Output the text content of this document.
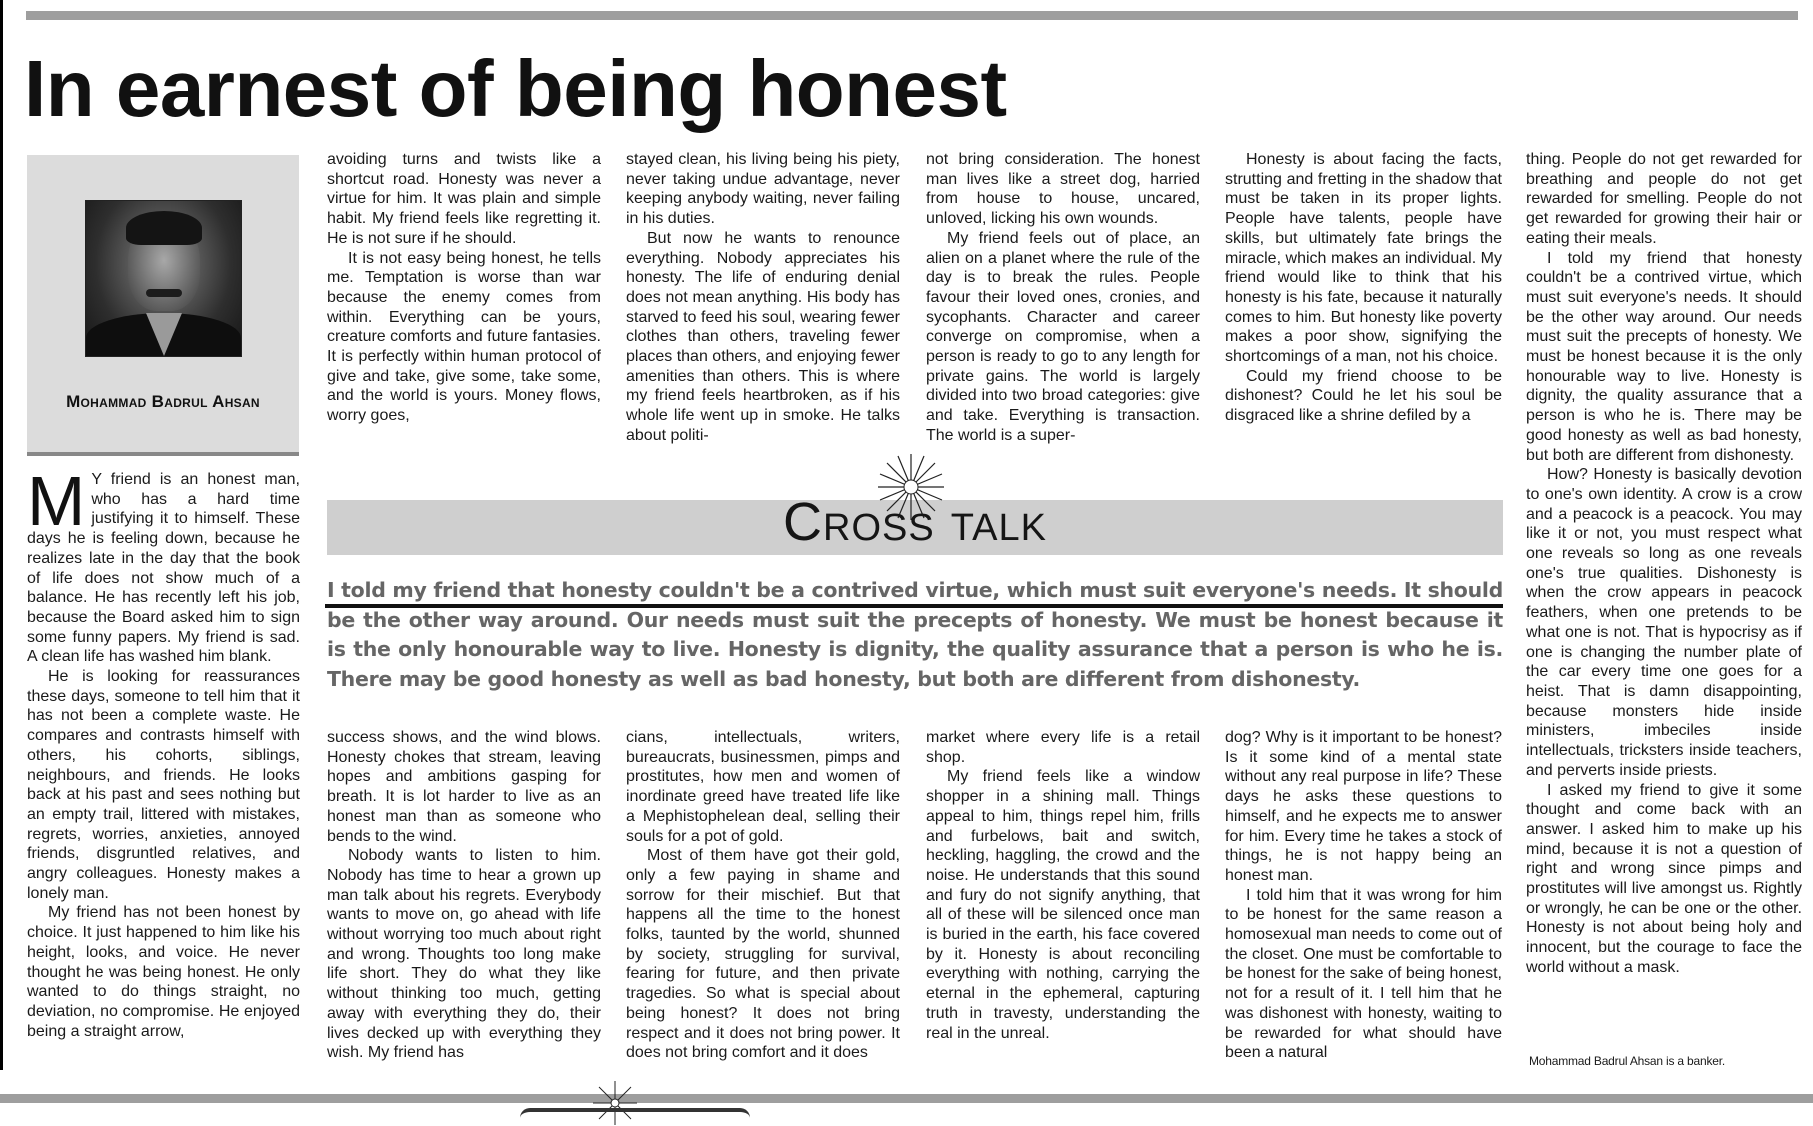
In earnest of being honest

Mohammad Badrul Ahsan

M Y friend is an honest man, who has a hard time justifying it to himself. These days he is feeling down, because he realizes late in the day that the book of life does not show much of a balance. He has recently left his job, because the Board asked him to sign some funny papers. My friend is sad. A clean life has washed him blank.

He is looking for reassurances these days, someone to tell him that it has not been a complete waste. He compares and contrasts himself with others, his cohorts, siblings, neighbours, and friends. He looks back at his past and sees nothing but an empty trail, littered with mistakes, regrets, worries, anxieties, annoyed friends, disgruntled relatives, and angry colleagues. Honesty makes a lonely man.

My friend has not been honest by choice. It just happened to him like his height, looks, and voice. He never thought he was being honest. He only wanted to do things straight, no deviation, no compromise. He enjoyed being a straight arrow,

avoiding turns and twists like a shortcut road. Honesty was never a virtue for him. It was plain and simple habit. My friend feels like regretting it. He is not sure if he should.

It is not easy being honest, he tells me. Temptation is worse than war because the enemy comes from within. Everything can be yours, creature comforts and future fantasies. It is perfectly within human protocol of give and take, give some, take some, and the world is yours. Money flows, worry goes,

stayed clean, his living being his piety, never taking undue advantage, never keeping anybody waiting, never failing in his duties.

But now he wants to renounce everything. Nobody appreciates his honesty. The life of enduring denial does not mean anything. His body has starved to feed his soul, wearing fewer clothes than others, traveling fewer places than others, and enjoying fewer amenities than others. This is where my friend feels heartbroken, as if his whole life went up in smoke. He talks about politi-

not bring consideration. The honest man lives like a street dog, harried from house to house, uncared, unloved, licking his own wounds.

My friend feels out of place, an alien on a planet where the rule of the day is to break the rules. People favour their loved ones, cronies, and sycophants. Character and career converge on compromise, when a person is ready to go to any length for private gains. The world is largely divided into two broad categories: give and take. Everything is transaction. The world is a super-

Honesty is about facing the facts, strutting and fretting in the shadow that must be taken in its proper lights. People have talents, people have skills, but ultimately fate brings the miracle, which makes an individual. My friend would like to think that his honesty is his fate, because it naturally comes to him. But honesty like poverty makes a poor show, signifying the shortcomings of a man, not his choice.

Could my friend choose to be dishonest? Could he let his soul be disgraced like a shrine defiled by a

Cross talk

I told my friend that honesty couldn't be a contrived virtue, which must suit everyone's needs. It should be the other way around. Our needs must suit the precepts of honesty. We must be honest because it is the only honourable way to live. Honesty is dignity, the quality assurance that a person is who he is. There may be good honesty as well as bad honesty, but both are different from dishonesty.

success shows, and the wind blows. Honesty chokes that stream, leaving hopes and ambitions gasping for breath. It is lot harder to live as an honest man than as someone who bends to the wind.

Nobody wants to listen to him. Nobody has time to hear a grown up man talk about his regrets. Everybody wants to move on, go ahead with life without worrying too much about right and wrong. Thoughts too long make life short. They do what they like without thinking too much, getting away with everything they do, their lives decked up with everything they wish. My friend has

cians, intellectuals, writers, bureaucrats, businessmen, pimps and prostitutes, how men and women of inordinate greed have treated life like a Mephistophelean deal, selling their souls for a pot of gold.

Most of them have got their gold, only a few paying in shame and sorrow for their mischief. But that happens all the time to the honest folks, taunted by the world, shunned by society, struggling for survival, fearing for future, and then private tragedies. So what is special about being honest? It does not bring respect and it does not bring power. It does not bring comfort and it does

market where every life is a retail shop.

My friend feels like a window shopper in a shining mall. Things appeal to him, things repel him, frills and furbelows, bait and switch, heckling, haggling, the crowd and the noise. He understands that this sound and fury do not signify anything, that all of these will be silenced once man is buried in the earth, his face covered by it. Honesty is about reconciling everything with nothing, carrying the eternal in the ephemeral, capturing truth in travesty, understanding the real in the unreal.

dog? Why is it important to be honest? Is it some kind of a mental state without any real purpose in life? These days he asks these questions to himself, and he expects me to answer for him. Every time he takes a stock of things, he is not happy being an honest man.

I told him that it was wrong for him to be honest for the same reason a homosexual man needs to come out of the closet. One must be comfortable to be honest for the sake of being honest, not for a result of it. I tell him that he was dishonest with honesty, waiting to be rewarded for what should have been a natural

thing. People do not get rewarded for breathing and people do not get rewarded for smelling. People do not get rewarded for growing their hair or eating their meals.

I told my friend that honesty couldn't be a contrived virtue, which must suit everyone's needs. It should be the other way around. Our needs must suit the precepts of honesty. We must be honest because it is the only honourable way to live. Honesty is dignity, the quality assurance that a person is who he is. There may be good honesty as well as bad honesty, but both are different from dishonesty.

How? Honesty is basically devotion to one's own identity. A crow is a crow and a peacock is a peacock. You may like it or not, you must respect what one reveals so long as one reveals one's true qualities. Dishonesty is when the crow appears in peacock feathers, when one pretends to be what one is not. That is hypocrisy as if one is changing the number plate of the car every time one goes for a heist. That is damn disappointing, because monsters hide inside ministers, imbeciles inside intellectuals, tricksters inside teachers, and perverts inside priests.

I asked my friend to give it some thought and come back with an answer. I asked him to make up his mind, because it is not a question of right and wrong since pimps and prostitutes will live amongst us. Rightly or wrongly, he can be one or the other. Honesty is not about being holy and innocent, but the courage to face the world without a mask.

Mohammad Badrul Ahsan is a banker.
